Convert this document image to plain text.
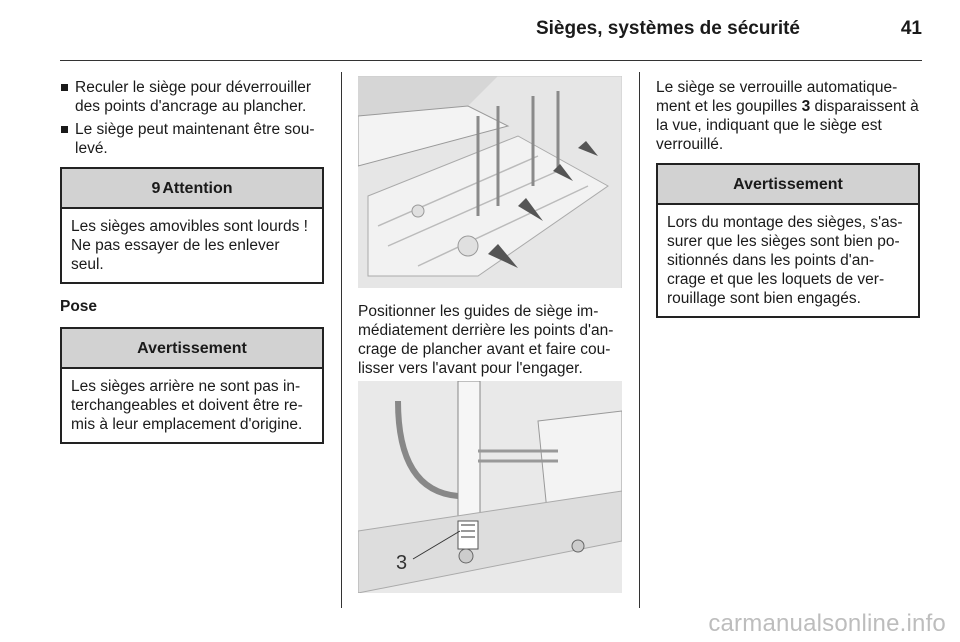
Sièges, systèmes de sécurité	41
Reculer le siège pour déverrouiller des points d'ancrage au plancher.
Le siège peut maintenant être sou-levé.
9 Attention
Les sièges amovibles sont lourds ! Ne pas essayer de les enlever seul.
Pose
Avertissement
Les sièges arrière ne sont pas in-terchangeables et doivent être re-mis à leur emplacement d'origine.

Positionner les guides de siège im-médiatement derrière les points d'an-crage de plancher avant et faire cou-lisser vers l'avant pour l'engager.

3

Le siège se verrouille automatique-ment et les goupilles 3 disparaissent à la vue, indiquant que le siège est verrouillé.

Avertissement
Lors du montage des sièges, s'as-surer que les sièges sont bien po-sitionnés dans les points d'an-crage et que les loquets de ver-rouillage sont bien engagés.
carmanualsonline.info
